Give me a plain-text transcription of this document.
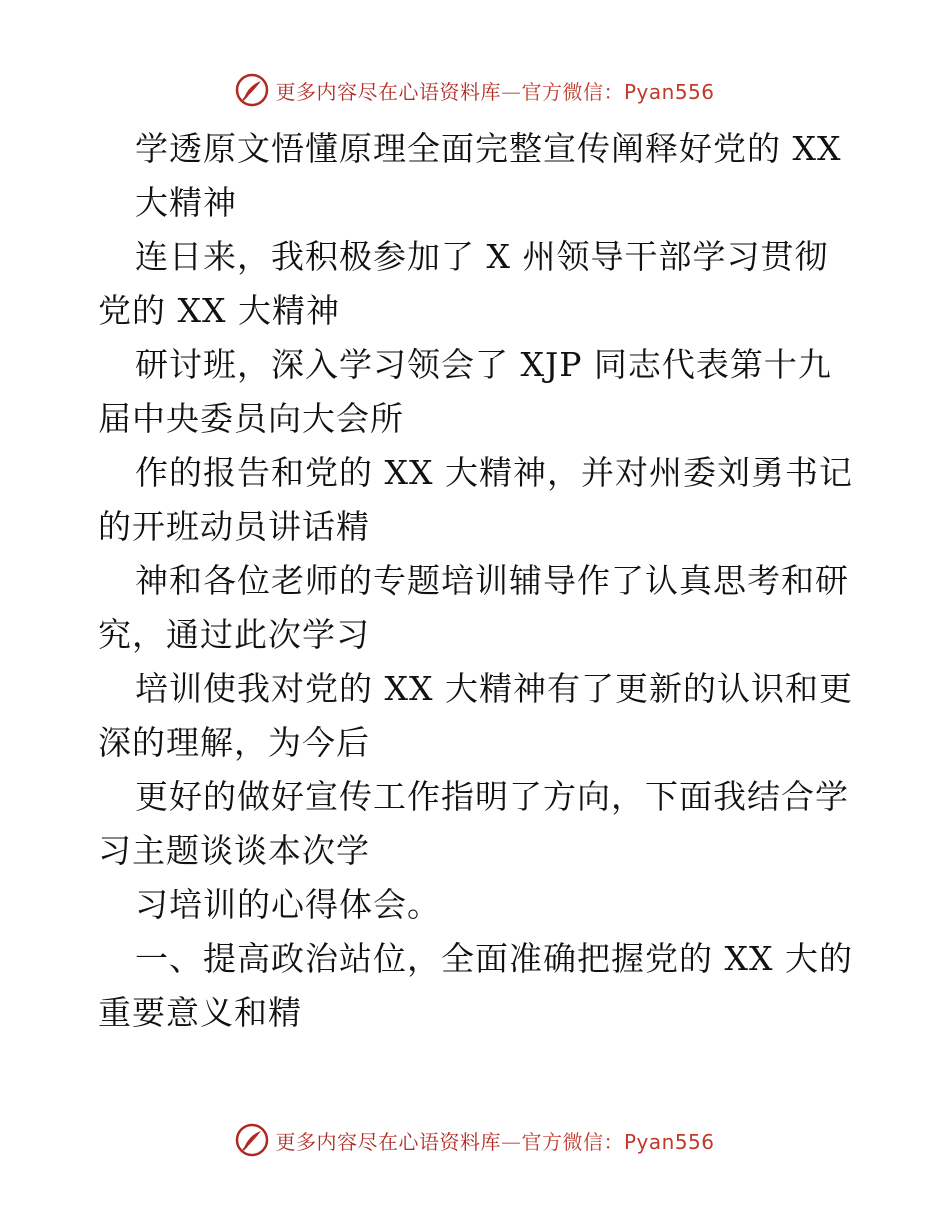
更多内容尽在心语资料库—官方微信：Pyan556
学透原文悟懂原理全面完整宣传阐释好党的 XX
大精神
连日来，我积极参加了 X 州领导干部学习贯彻
党的 XX 大精神
研讨班，深入学习领会了 XJP 同志代表第十九
届中央委员向大会所
作的报告和党的 XX 大精神，并对州委刘勇书记
的开班动员讲话精
神和各位老师的专题培训辅导作了认真思考和研
究，通过此次学习
培训使我对党的 XX 大精神有了更新的认识和更
深的理解，为今后
更好的做好宣传工作指明了方向，下面我结合学
习主题谈谈本次学
习培训的心得体会。
一、提高政治站位，全面准确把握党的 XX 大的
重要意义和精
更多内容尽在心语资料库—官方微信：Pyan556
